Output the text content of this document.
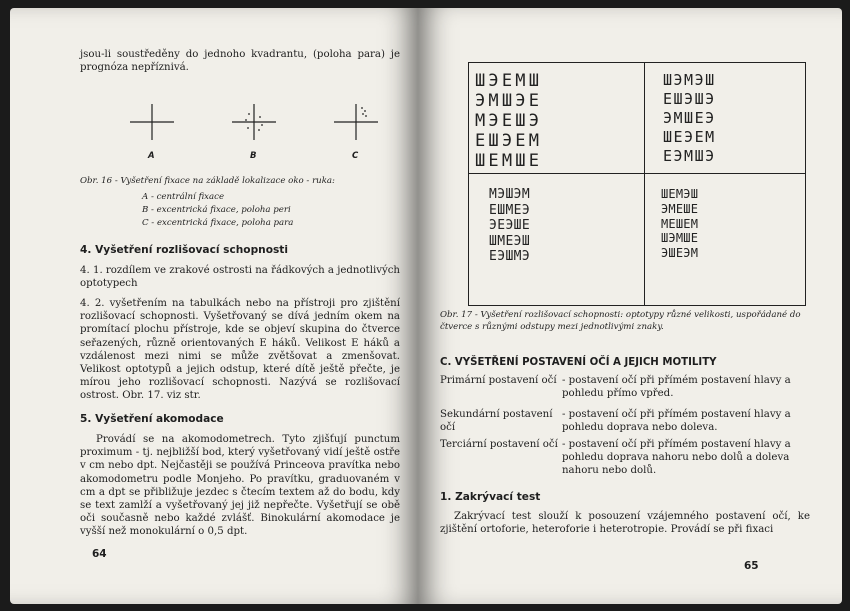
jsou-li soustředěny do jednoho kvadrantu, (poloha para) je prognóza nepříznivá.

A	B	C

Obr. 16 - Vyšetření fixace na základě lokalizace oko - ruka:

A - centrální fixace

B - excentrická fixace, poloha peri

C - excentrická fixace, poloha para

4. Vyšetření rozlišovací schopnosti

4. 1. rozdílem ve zrakové ostrosti na řádkových a jednotlivých optotypech

4. 2. vyšetřením na tabulkách nebo na přístroji pro zjištění rozlišovací schopnosti. Vyšetřovaný se dívá jedním okem na promítací plochu přístroje, kde se objeví skupina do čtverce seřazených, různě orientovaných E háků. Velikost E háků a vzdálenost mezi nimi se může zvětšovat a zmenšovat. Velikost optotypů a jejich odstup, které dítě ještě přečte, je mírou jeho rozlišovací schopnosti. Nazývá se rozlišovací ostrost. Obr. 17. viz str.

5. Vyšetření akomodace

Provádí se na akomodometrech. Tyto zjišťují punctum proximum - tj. nejbližší bod, který vyšetřovaný vidí ještě ostře v cm nebo dpt. Nejčastěji se používá Princeova pravítka nebo akomodometru podle Monjeho. Po pravítku, graduovaném v cm a dpt se přibližuje jezdec s čtecím textem až do bodu, kdy se text zamlží a vyšetřovaný jej již nepřečte. Vyšetřují se obě oči současně nebo každé zvlášť. Binokulární akomodace je vyšší než monokulární o 0,5 dpt.

64
ШЭЕМШ
ЭМШЭЕ
МЭЕШЭ
ЕШЭЕМ
ШЕМШЕ
ШЭМЭШ
ЕШЭШЭ
ЭМШЕЭ
ШЕЭЕМ
ЕЭМШЭ
МЭШЭМ
ЕШМЕЭ
ЭЕЭШЕ
ШМЕЭШ
ЕЭШМЭ
ШЕМЭШ
ЭМЕШЕ
МЕШЕМ
ШЭМШЕ
ЭШЕЭМ

Obr. 17 - Vyšetření rozlišovací schopnosti: optotypy různé velikosti, uspořádané do čtverce s různými odstupy mezi jednotlivými znaky.

C. VYŠETŘENÍ POSTAVENÍ OČÍ A JEJICH MOTILITY
Primární postavení očí - postavení očí při přímém postavení hlavy a pohledu přímo vpřed.
Sekundární postavení očí
- postavení očí při přímém postavení hlavy a pohledu doprava nebo doleva.
Terciární postavení očí - postavení očí při přímém postavení hlavy a pohledu doprava nahoru nebo dolů a doleva nahoru nebo dolů.
1. Zakrývací test

Zakrývací test slouží k posouzení vzájemného postavení očí, ke zjištění ortoforie, heteroforie i heterotropie. Provádí se při fixaci

65
